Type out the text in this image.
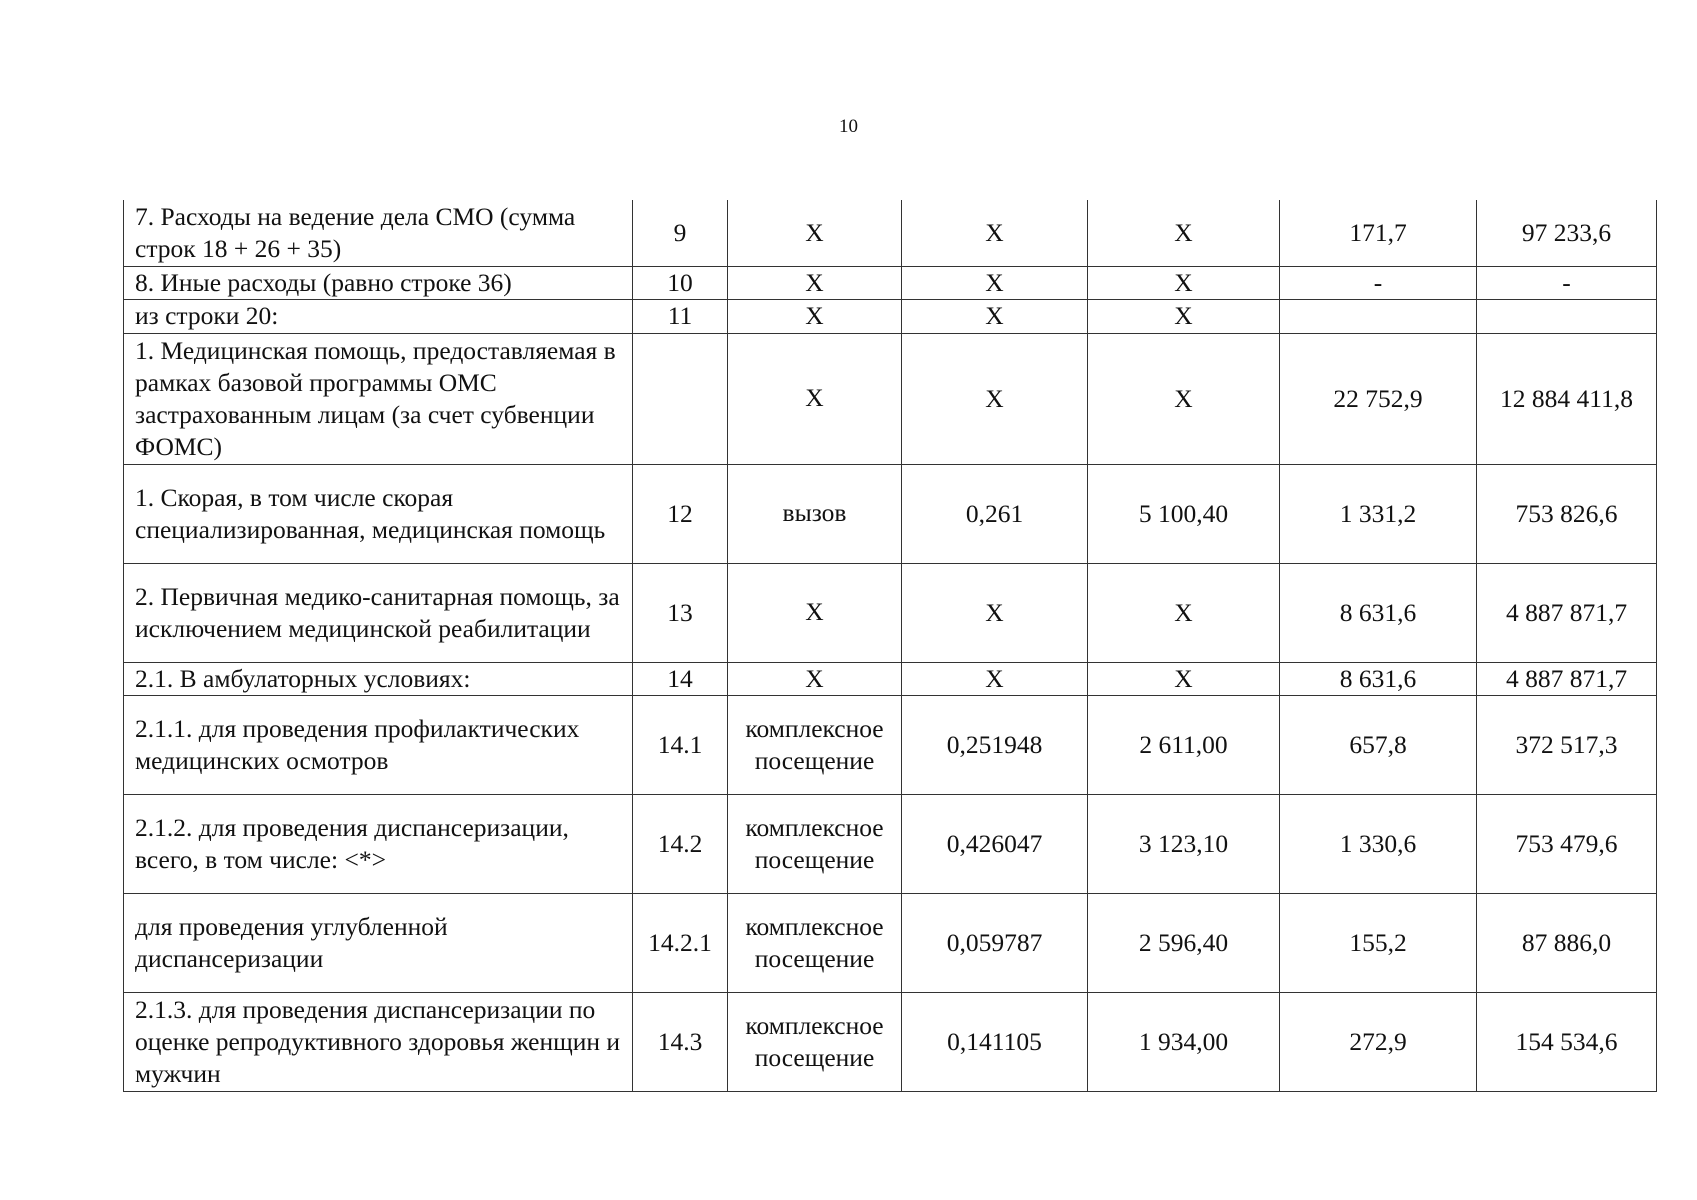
10
7. Расходы на ведение дела СМО (сумма строк 18 + 26 + 35)	9	Х	Х	Х	171,7	97 233,6
8. Иные расходы (равно строке 36)	10	Х	Х	Х	-	-
из строки 20:	11	Х	Х	Х		
1. Медицинская помощь, предоставляемая в рамках базовой программы ОМС застрахованным лицам (за счет субвенции ФОМС)		Х	Х	Х	22 752,9	12 884 411,8
1. Скорая, в том числе скорая специализированная, медицинская помощь	12	вызов	0,261	5 100,40	1 331,2	753 826,6
2. Первичная медико-санитарная помощь, за исключением медицинской реабилитации	13	Х	Х	Х	8 631,6	4 887 871,7
2.1. В амбулаторных условиях:	14	Х	Х	Х	8 631,6	4 887 871,7
2.1.1. для проведения профилактических медицинских осмотров	14.1	комплексное посещение	0,251948	2 611,00	657,8	372 517,3
2.1.2. для проведения диспансеризации, всего, в том числе: <*>	14.2	комплексное посещение	0,426047	3 123,10	1 330,6	753 479,6
для проведения углубленной диспансеризации	14.2.1	комплексное посещение	0,059787	2 596,40	155,2	87 886,0
2.1.3. для проведения диспансеризации по оценке репродуктивного здоровья женщин и мужчин	14.3	комплексное посещение	0,141105	1 934,00	272,9	154 534,6
